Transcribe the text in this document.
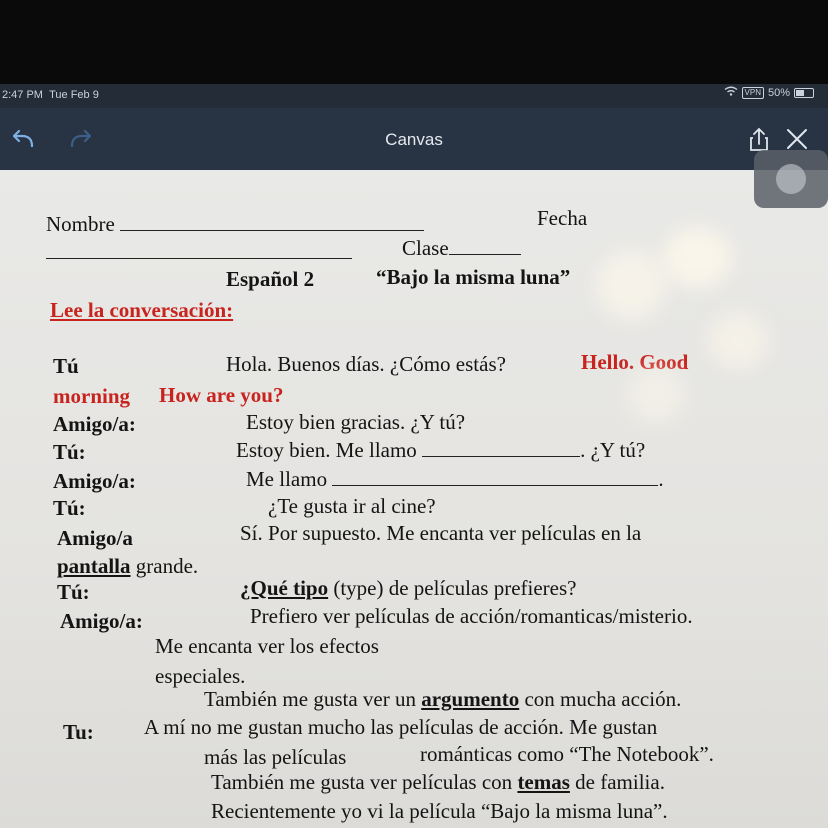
2:47 PM Tue Feb 9	VPN 50%
Canvas
Nombre	Fecha
Clase
Español 2	“Bajo la misma luna”
Lee la conversación:
Tú	Hola. Buenos días. ¿Cómo estás?	Hello. Good
morning How are you?
Amigo/a:	Estoy bien gracias. ¿Y tú?
Tú:	Estoy bien. Me llamo	. ¿Y tú?
Amigo/a:	Me llamo	.
Tú:	¿Te gusta ir al cine?
Amigo/a	Sí. Por supuesto. Me encanta ver películas en la
pantalla grande.
Tú:	¿Qué tipo (type) de películas prefieres?
Amigo/a:	Prefiero ver películas de acción/romanticas/misterio.
Me encanta ver los efectos
especiales.
También me gusta ver un argumento con mucha acción.
Tu: A mí no me gustan mucho las películas de acción. Me gustan
más las películas	románticas como “The Notebook”.
También me gusta ver películas con temas de familia.
Recientemente yo vi la película “Bajo la misma luna”.
